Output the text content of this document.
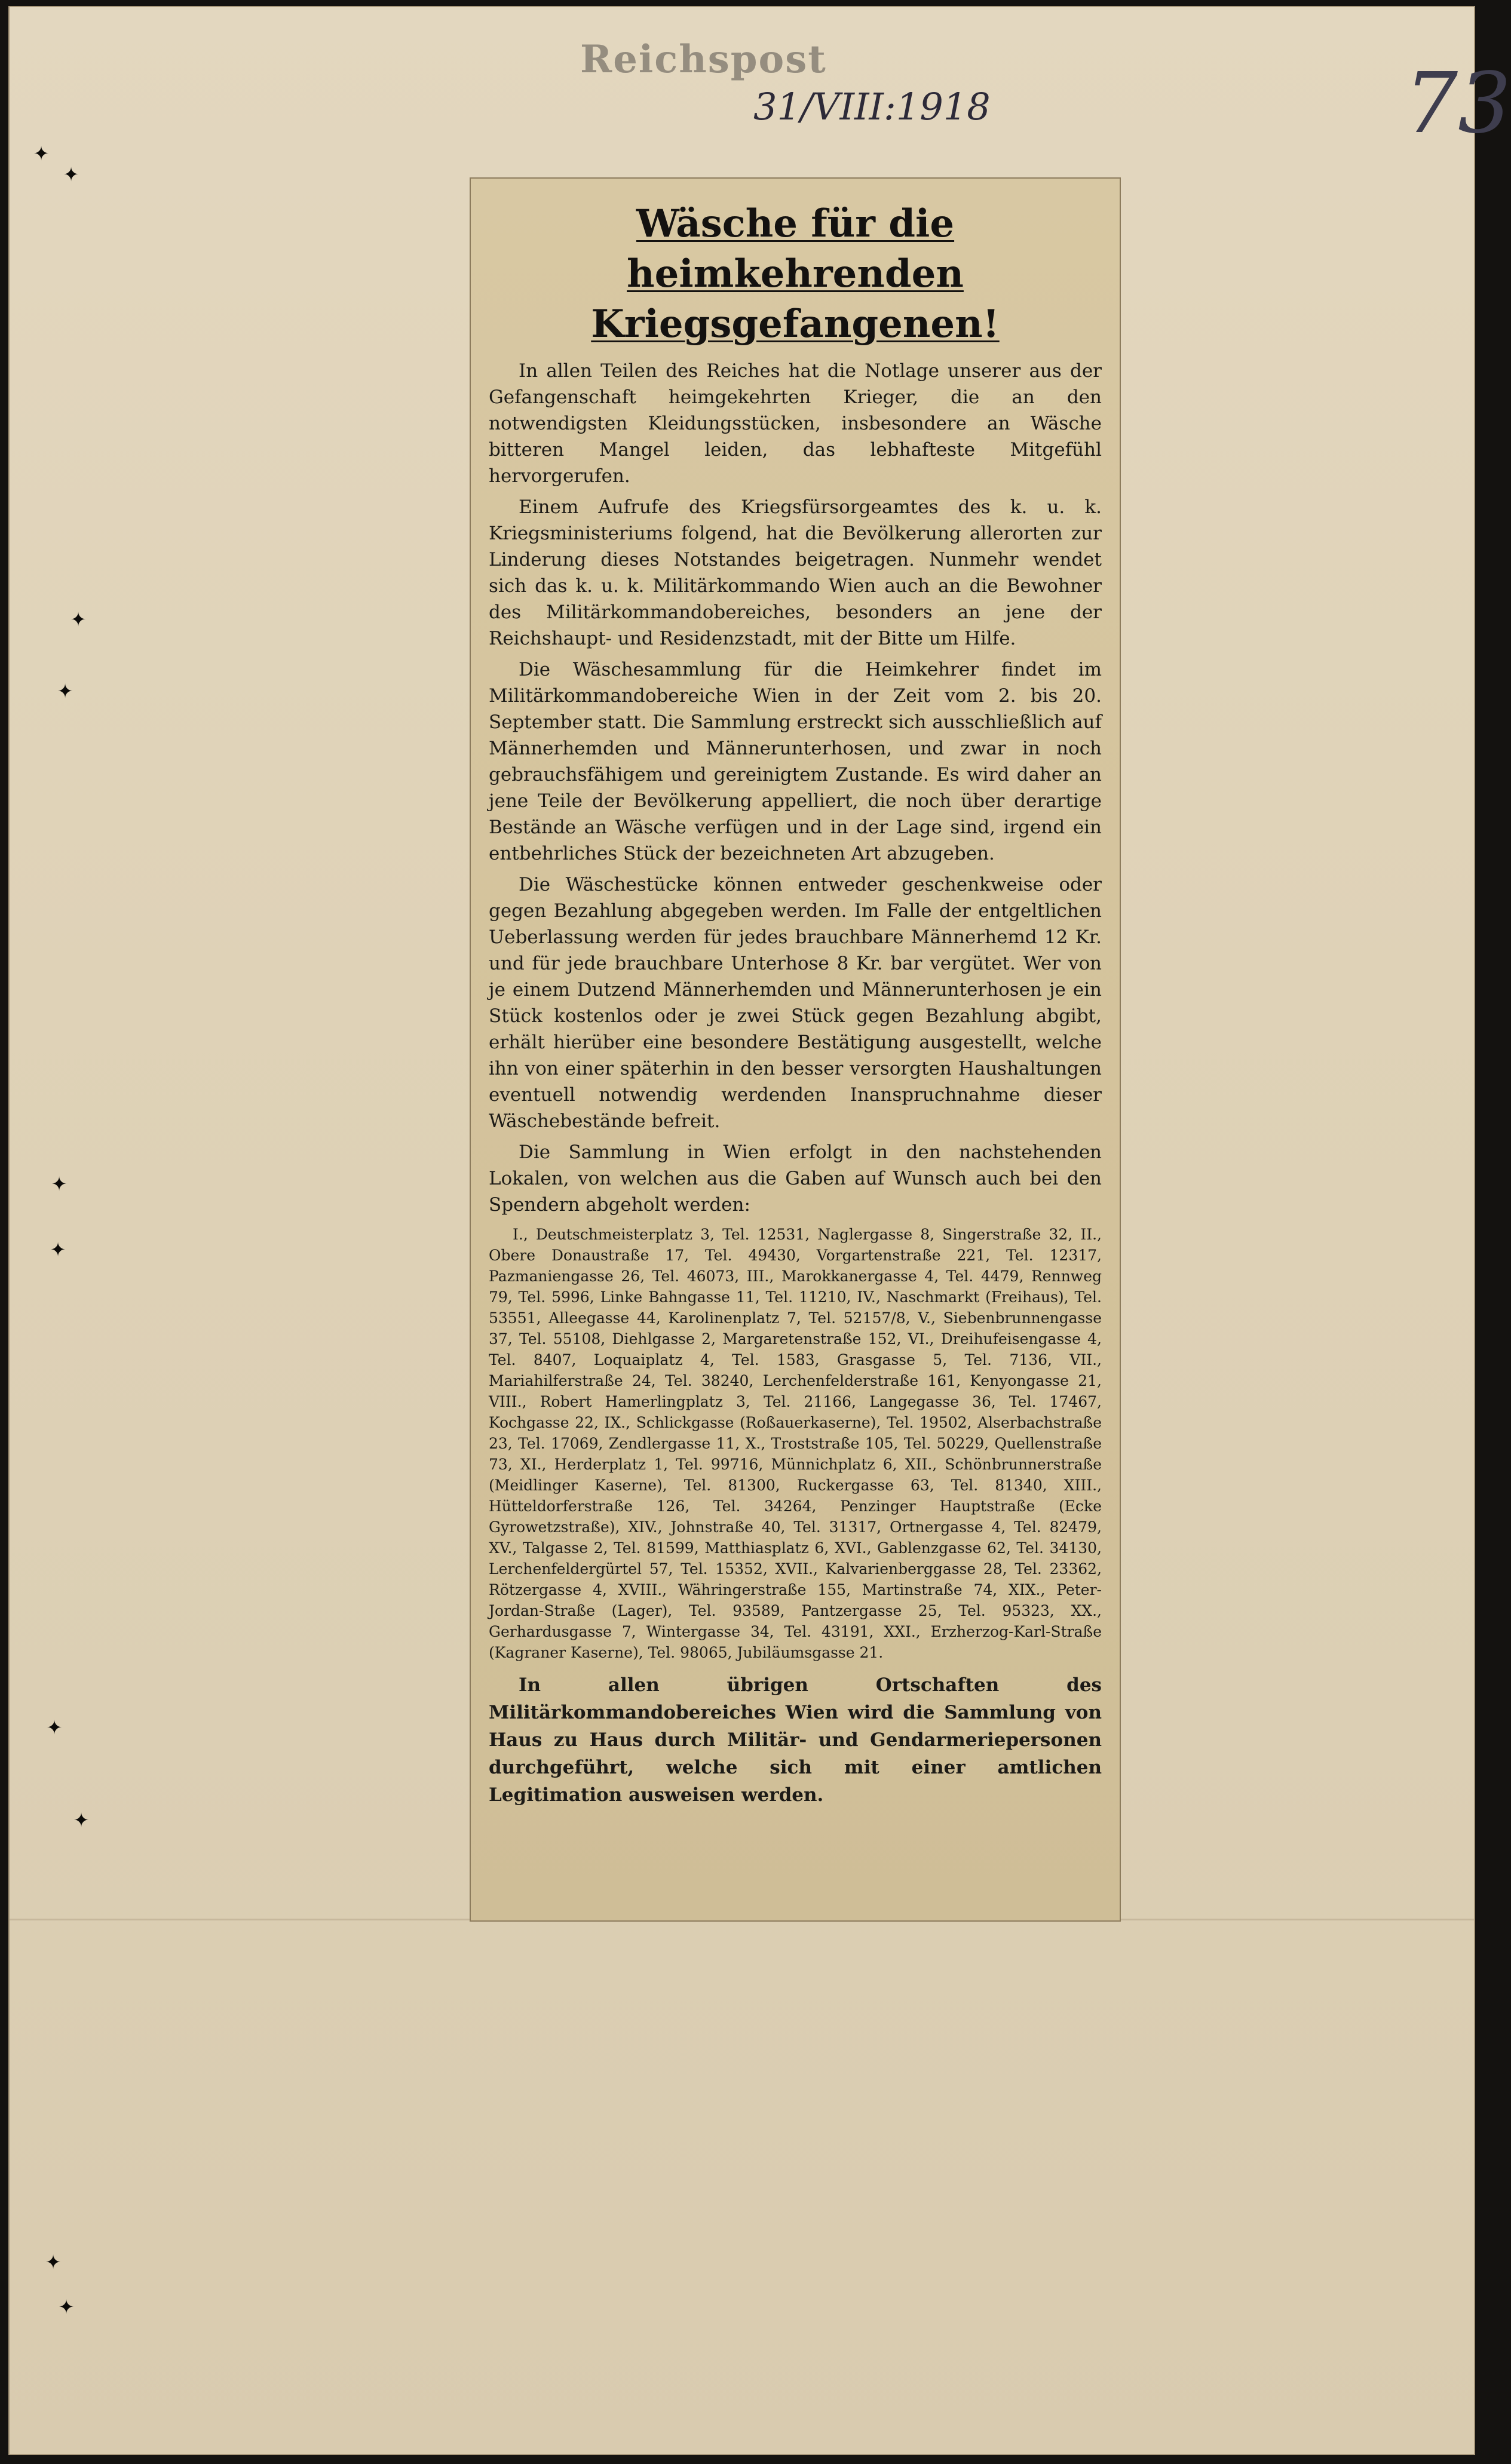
Reichspost
31/VIII:1918	73
✦
✦
✦
✦
✦
✦
✦
✦
✦
✦
Wäsche für die heimkehrenden Kriegsgefangenen!

In allen Teilen des Reiches hat die Notlage unserer aus der Gefangenschaft heimgekehrten Krieger, die an den notwendigsten Kleidungsstücken, insbesondere an Wäsche bitteren Mangel leiden, das lebhafteste Mitgefühl hervorgerufen.

Einem Aufrufe des Kriegsfürsorgeamtes des k. u. k. Kriegsministeriums folgend, hat die Bevölkerung allerorten zur Linderung dieses Notstandes beigetragen. Nunmehr wendet sich das k. u. k. Militärkommando Wien auch an die Bewohner des Militärkommandobereiches, besonders an jene der Reichshaupt- und Residenzstadt, mit der Bitte um Hilfe.

Die Wäschesammlung für die Heimkehrer findet im Militärkommandobereiche Wien in der Zeit vom 2. bis 20. September statt. Die Sammlung erstreckt sich ausschließlich auf Männerhemden und Männerunterhosen, und zwar in noch gebrauchsfähigem und gereinigtem Zustande. Es wird daher an jene Teile der Bevölkerung appelliert, die noch über derartige Bestände an Wäsche verfügen und in der Lage sind, irgend ein entbehrliches Stück der bezeichneten Art abzugeben.

Die Wäschestücke können entweder geschenkweise oder gegen Bezahlung abgegeben werden. Im Falle der entgeltlichen Ueberlassung werden für jedes brauchbare Männerhemd 12 Kr. und für jede brauchbare Unterhose 8 Kr. bar vergütet. Wer von je einem Dutzend Männerhemden und Männerunterhosen je ein Stück kostenlos oder je zwei Stück gegen Bezahlung abgibt, erhält hierüber eine besondere Bestätigung ausgestellt, welche ihn von einer späterhin in den besser versorgten Haushaltungen eventuell notwendig werdenden Inanspruchnahme dieser Wäschebestände befreit.

Die Sammlung in Wien erfolgt in den nachstehenden Lokalen, von welchen aus die Gaben auf Wunsch auch bei den Spendern abgeholt werden:

I., Deutschmeisterplatz 3, Tel. 12531, Naglergasse 8, Singerstraße 32, II., Obere Donaustraße 17, Tel. 49430, Vorgartenstraße 221, Tel. 12317, Pazmaniengasse 26, Tel. 46073, III., Marokkanergasse 4, Tel. 4479, Rennweg 79, Tel. 5996, Linke Bahngasse 11, Tel. 11210, IV., Naschmarkt (Freihaus), Tel. 53551, Alleegasse 44, Karolinenplatz 7, Tel. 52157/8, V., Siebenbrunnengasse 37, Tel. 55108, Diehlgasse 2, Margaretenstraße 152, VI., Dreihufeisengasse 4, Tel. 8407, Loquaiplatz 4, Tel. 1583, Grasgasse 5, Tel. 7136, VII., Mariahilferstraße 24, Tel. 38240, Lerchenfelderstraße 161, Kenyongasse 21, VIII., Robert Hamerlingplatz 3, Tel. 21166, Langegasse 36, Tel. 17467, Kochgasse 22, IX., Schlickgasse (Roßauerkaserne), Tel. 19502, Alserbachstraße 23, Tel. 17069, Zendlergasse 11, X., Troststraße 105, Tel. 50229, Quellenstraße 73, XI., Herderplatz 1, Tel. 99716, Münnichplatz 6, XII., Schönbrunnerstraße (Meidlinger Kaserne), Tel. 81300, Ruckergasse 63, Tel. 81340, XIII., Hütteldorferstraße 126, Tel. 34264, Penzinger Hauptstraße (Ecke Gyrowetzstraße), XIV., Johnstraße 40, Tel. 31317, Ortnergasse 4, Tel. 82479, XV., Talgasse 2, Tel. 81599, Matthiasplatz 6, XVI., Gablenzgasse 62, Tel. 34130, Lerchenfeldergürtel 57, Tel. 15352, XVII., Kalvarienberggasse 28, Tel. 23362, Rötzergasse 4, XVIII., Währingerstraße 155, Martinstraße 74, XIX., Peter-Jordan-Straße (Lager), Tel. 93589, Pantzergasse 25, Tel. 95323, XX., Gerhardusgasse 7, Wintergasse 34, Tel. 43191, XXI., Erzherzog-Karl-Straße (Kagraner Kaserne), Tel. 98065, Jubiläumsgasse 21.

In allen übrigen Ortschaften des Militärkommandobereiches Wien wird die Sammlung von Haus zu Haus durch Militär- und Gendarmeriepersonen durchgeführt, welche sich mit einer amtlichen Legitimation ausweisen werden.
